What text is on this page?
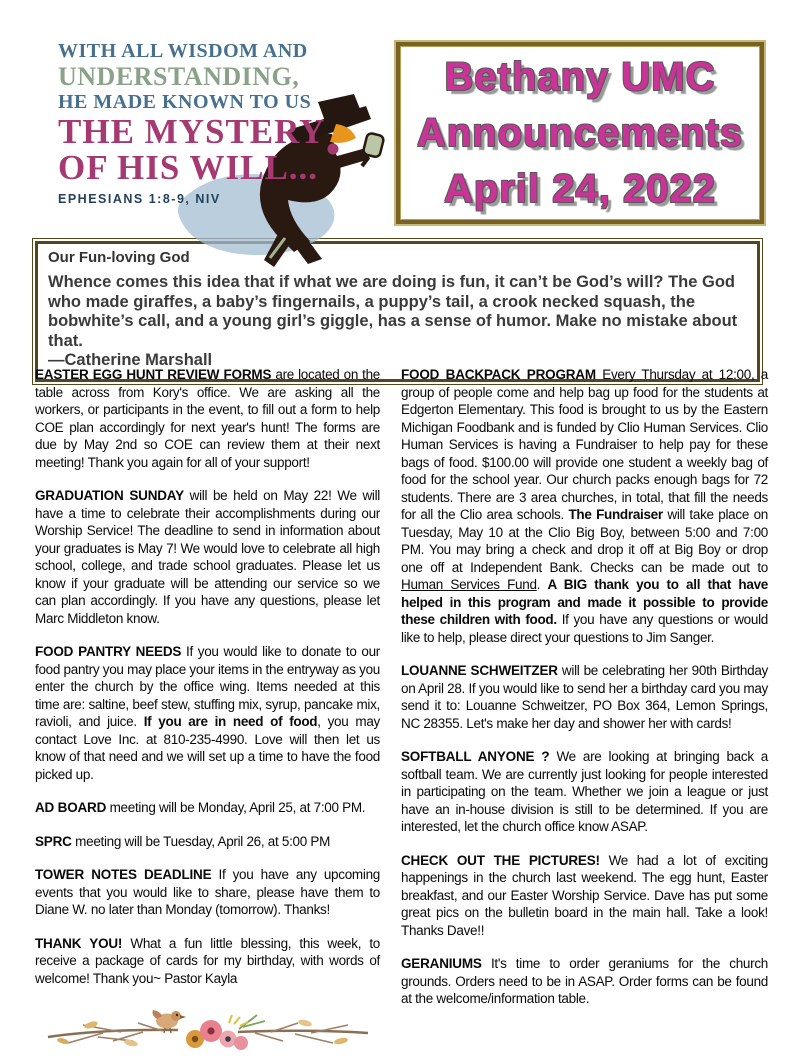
WITH ALL WISDOM AND
UNDERSTANDING,
HE MADE KNOWN TO US
THE MYSTERY
OF HIS WILL...
EPHESIANS 1:8-9, NIV
Bethany UMC
Announcements
April 24, 2022
Our Fun-loving God
Whence comes this idea that if what we are doing is fun, it can’t be God’s will? The God who made giraffes, a baby’s fingernails, a puppy’s tail, a crook necked squash, the bobwhite’s call, and a young girl’s giggle, has a sense of humor. Make no mistake about that.
—Catherine Marshall

EASTER EGG HUNT REVIEW FORMS are located on the table across from Kory's office. We are asking all the workers, or participants in the event, to fill out a form to help COE plan accordingly for next year's hunt! The forms are due by May 2nd so COE can review them at their next meeting! Thank you again for all of your support!

GRADUATION SUNDAY will be held on May 22! We will have a time to celebrate their accomplishments during our Worship Service! The deadline to send in information about your graduates is May 7! We would love to celebrate all high school, college, and trade school graduates. Please let us know if your graduate will be attending our service so we can plan accordingly. If you have any questions, please let Marc Middleton know.

FOOD PANTRY NEEDS If you would like to donate to our food pantry you may place your items in the entryway as you enter the church by the office wing. Items needed at this time are: saltine, beef stew, stuffing mix, syrup, pancake mix, ravioli, and juice. If you are in need of food, you may contact Love Inc. at 810-235-4990. Love will then let us know of that need and we will set up a time to have the food picked up.

AD BOARD meeting will be Monday, April 25, at 7:00 PM.

SPRC meeting will be Tuesday, April 26, at 5:00 PM

TOWER NOTES DEADLINE If you have any upcoming events that you would like to share, please have them to Diane W. no later than Monday (tomorrow). Thanks!

THANK YOU! What a fun little blessing, this week, to receive a package of cards for my birthday, with words of welcome! Thank you~ Pastor Kayla

FOOD BACKPACK PROGRAM Every Thursday at 12:00, a group of people come and help bag up food for the students at Edgerton Elementary. This food is brought to us by the Eastern Michigan Foodbank and is funded by Clio Human Services. Clio Human Services is having a Fundraiser to help pay for these bags of food. $100.00 will provide one student a weekly bag of food for the school year. Our church packs enough bags for 72 students. There are 3 area churches, in total, that fill the needs for all the Clio area schools. The Fundraiser will take place on Tuesday, May 10 at the Clio Big Boy, between 5:00 and 7:00 PM. You may bring a check and drop it off at Big Boy or drop one off at Independent Bank. Checks can be made out to Human Services Fund. A BIG thank you to all that have helped in this program and made it possible to provide these children with food. If you have any questions or would like to help, please direct your questions to Jim Sanger.

LOUANNE SCHWEITZER will be celebrating her 90th Birthday on April 28. If you would like to send her a birthday card you may send it to: Louanne Schweitzer, PO Box 364, Lemon Springs, NC 28355. Let's make her day and shower her with cards!

SOFTBALL ANYONE ? We are looking at bringing back a softball team. We are currently just looking for people interested in participating on the team. Whether we join a league or just have an in-house division is still to be determined. If you are interested, let the church office know ASAP.

CHECK OUT THE PICTURES! We had a lot of exciting happenings in the church last weekend. The egg hunt, Easter breakfast, and our Easter Worship Service. Dave has put some great pics on the bulletin board in the main hall. Take a look! Thanks Dave!!

GERANIUMS It's time to order geraniums for the church grounds. Orders need to be in ASAP. Order forms can be found at the welcome/information table.
